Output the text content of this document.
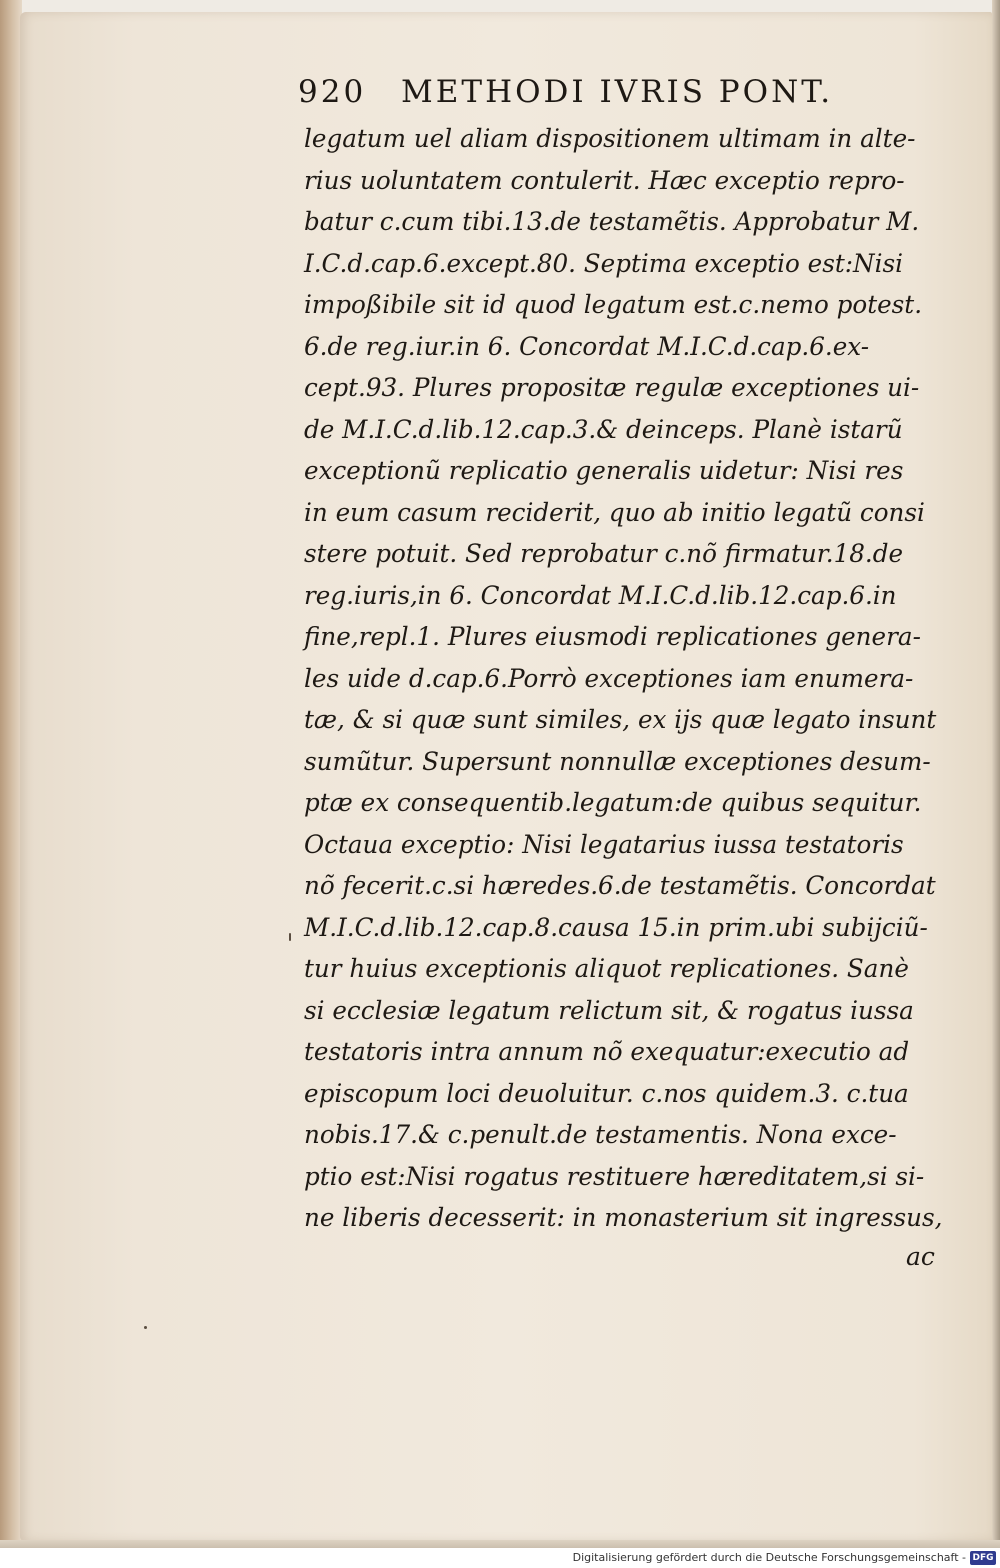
920 METHODI IVRIS PONT.
legatum uel aliam dispositionem ultimam in alte-
rius uoluntatem contulerit. Hæc exceptio repro-
batur c.cum tibi.13.de testamẽtis. Approbatur M.
I.C.d.cap.6.except.80. Septima exceptio est:Nisi
impoßibile sit id quod legatum est.c.nemo potest.
6.de reg.iur.in 6. Concordat M.I.C.d.cap.6.ex-
cept.93. Plures propositæ regulæ exceptiones ui-
de M.I.C.d.lib.12.cap.3.& deinceps. Planè istarũ
exceptionũ replicatio generalis uidetur: Nisi res
in eum casum reciderit, quo ab initio legatũ consi
stere potuit. Sed reprobatur c.nõ firmatur.18.de
reg.iuris,in 6. Concordat M.I.C.d.lib.12.cap.6.in
fine,repl.1. Plures eiusmodi replicationes genera-
les uide d.cap.6.Porrò exceptiones iam enumera-
tæ, & si quæ sunt similes, ex ijs quæ legato insunt
sumũtur. Supersunt nonnullæ exceptiones desum-
ptæ ex consequentib.legatum:de quibus sequitur.
Octaua exceptio: Nisi legatarius iussa testatoris
nõ fecerit.c.si hæredes.6.de testamẽtis. Concordat
M.I.C.d.lib.12.cap.8.causa 15.in prim.ubi subijciũ-
tur huius exceptionis aliquot replicationes. Sanè
si ecclesiæ legatum relictum sit, & rogatus iussa
testatoris intra annum nõ exequatur:executio ad
episcopum loci deuoluitur. c.nos quidem.3. c.tua
nobis.17.& c.penult.de testamentis. Nona exce-
ptio est:Nisi rogatus restituere hæreditatem,si si-
ne liberis decesserit: in monasterium sit ingressus,
ac
Digitalisierung gefördert durch die Deutsche Forschungsgemeinschaft - DFG
